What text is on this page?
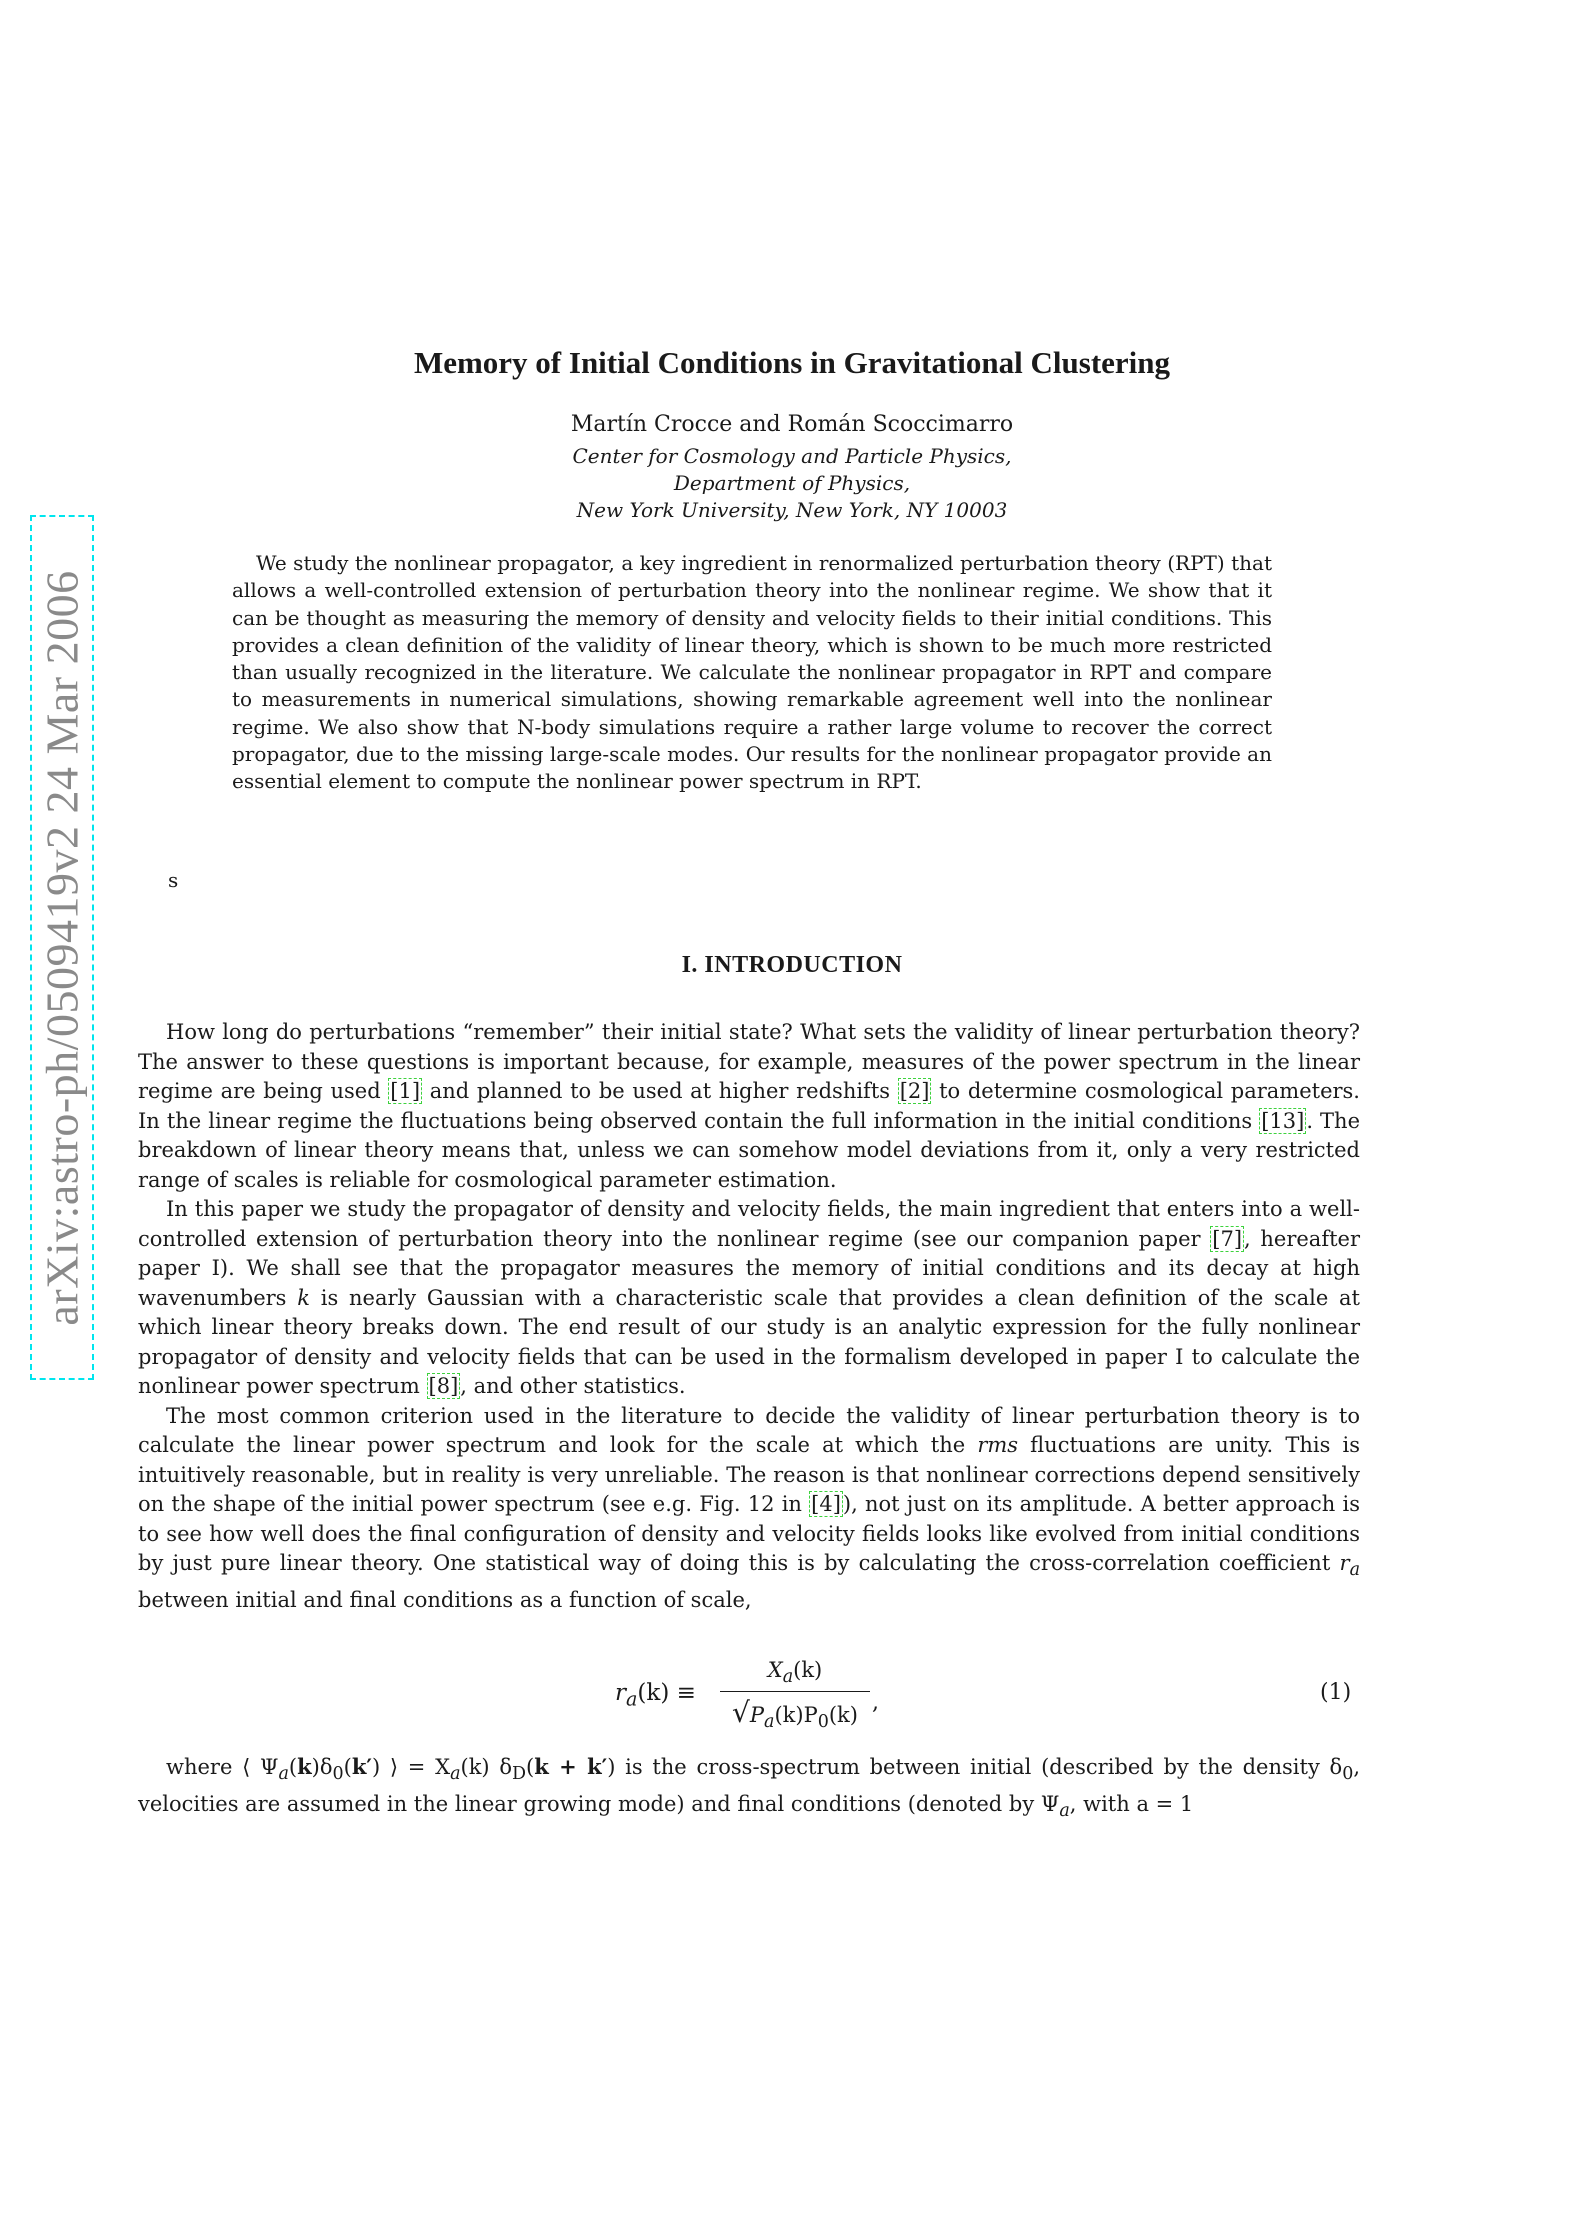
arXiv:astro-ph/0509419v2 24 Mar 2006
Memory of Initial Conditions in Gravitational Clustering
Martín Crocce and Román Scoccimarro
Center for Cosmology and Particle Physics,
Department of Physics,
New York University, New York, NY 10003
We study the nonlinear propagator, a key ingredient in renormalized perturbation theory (RPT) that allows a well-controlled extension of perturbation theory into the nonlinear regime. We show that it can be thought as measuring the memory of density and velocity fields to their initial conditions. This provides a clean definition of the validity of linear theory, which is shown to be much more restricted than usually recognized in the literature. We calculate the nonlinear propagator in RPT and compare to measurements in numerical simulations, showing remarkable agreement well into the nonlinear regime. We also show that N-body simulations require a rather large volume to recover the correct propagator, due to the missing large-scale modes. Our results for the nonlinear propagator provide an essential element to compute the nonlinear power spectrum in RPT.
s
I. INTRODUCTION

How long do perturbations “remember” their initial state? What sets the validity of linear perturbation theory? The answer to these questions is important because, for example, measures of the power spectrum in the linear regime are being used [1] and planned to be used at higher redshifts [2] to determine cosmological parameters. In the linear regime the fluctuations being observed contain the full information in the initial conditions [13]. The breakdown of linear theory means that, unless we can somehow model deviations from it, only a very restricted range of scales is reliable for cosmological parameter estimation.

In this paper we study the propagator of density and velocity fields, the main ingredient that enters into a well-controlled extension of perturbation theory into the nonlinear regime (see our companion paper [7], hereafter paper I). We shall see that the propagator measures the memory of initial conditions and its decay at high wavenumbers k is nearly Gaussian with a characteristic scale that provides a clean definition of the scale at which linear theory breaks down. The end result of our study is an analytic expression for the fully nonlinear propagator of density and velocity fields that can be used in the formalism developed in paper I to calculate the nonlinear power spectrum [8], and other statistics.

The most common criterion used in the literature to decide the validity of linear perturbation theory is to calculate the linear power spectrum and look for the scale at which the rms fluctuations are unity. This is intuitively reasonable, but in reality is very unreliable. The reason is that nonlinear corrections depend sensitively on the shape of the initial power spectrum (see e.g. Fig. 12 in [4]), not just on its amplitude. A better approach is to see how well does the final configuration of density and velocity fields looks like evolved from initial conditions by just pure linear theory. One statistical way of doing this is by calculating the cross-correlation coefficient $r_a$ between initial and final conditions as a function of scale,

$r_a(k) \equiv \frac{X_a(k)}{√P_a(k)P_0(k)}$ ,	(1)
where ⟨ $\Psi_a(k)\delta_0(k')$ ⟩ = $X_a(k) \delta_D(k + k')$ is the cross-spectrum between initial (described by the density $\delta_0$, velocities are assumed in the linear growing mode) and final conditions (denoted by $\Psi_a$, with a = 1
